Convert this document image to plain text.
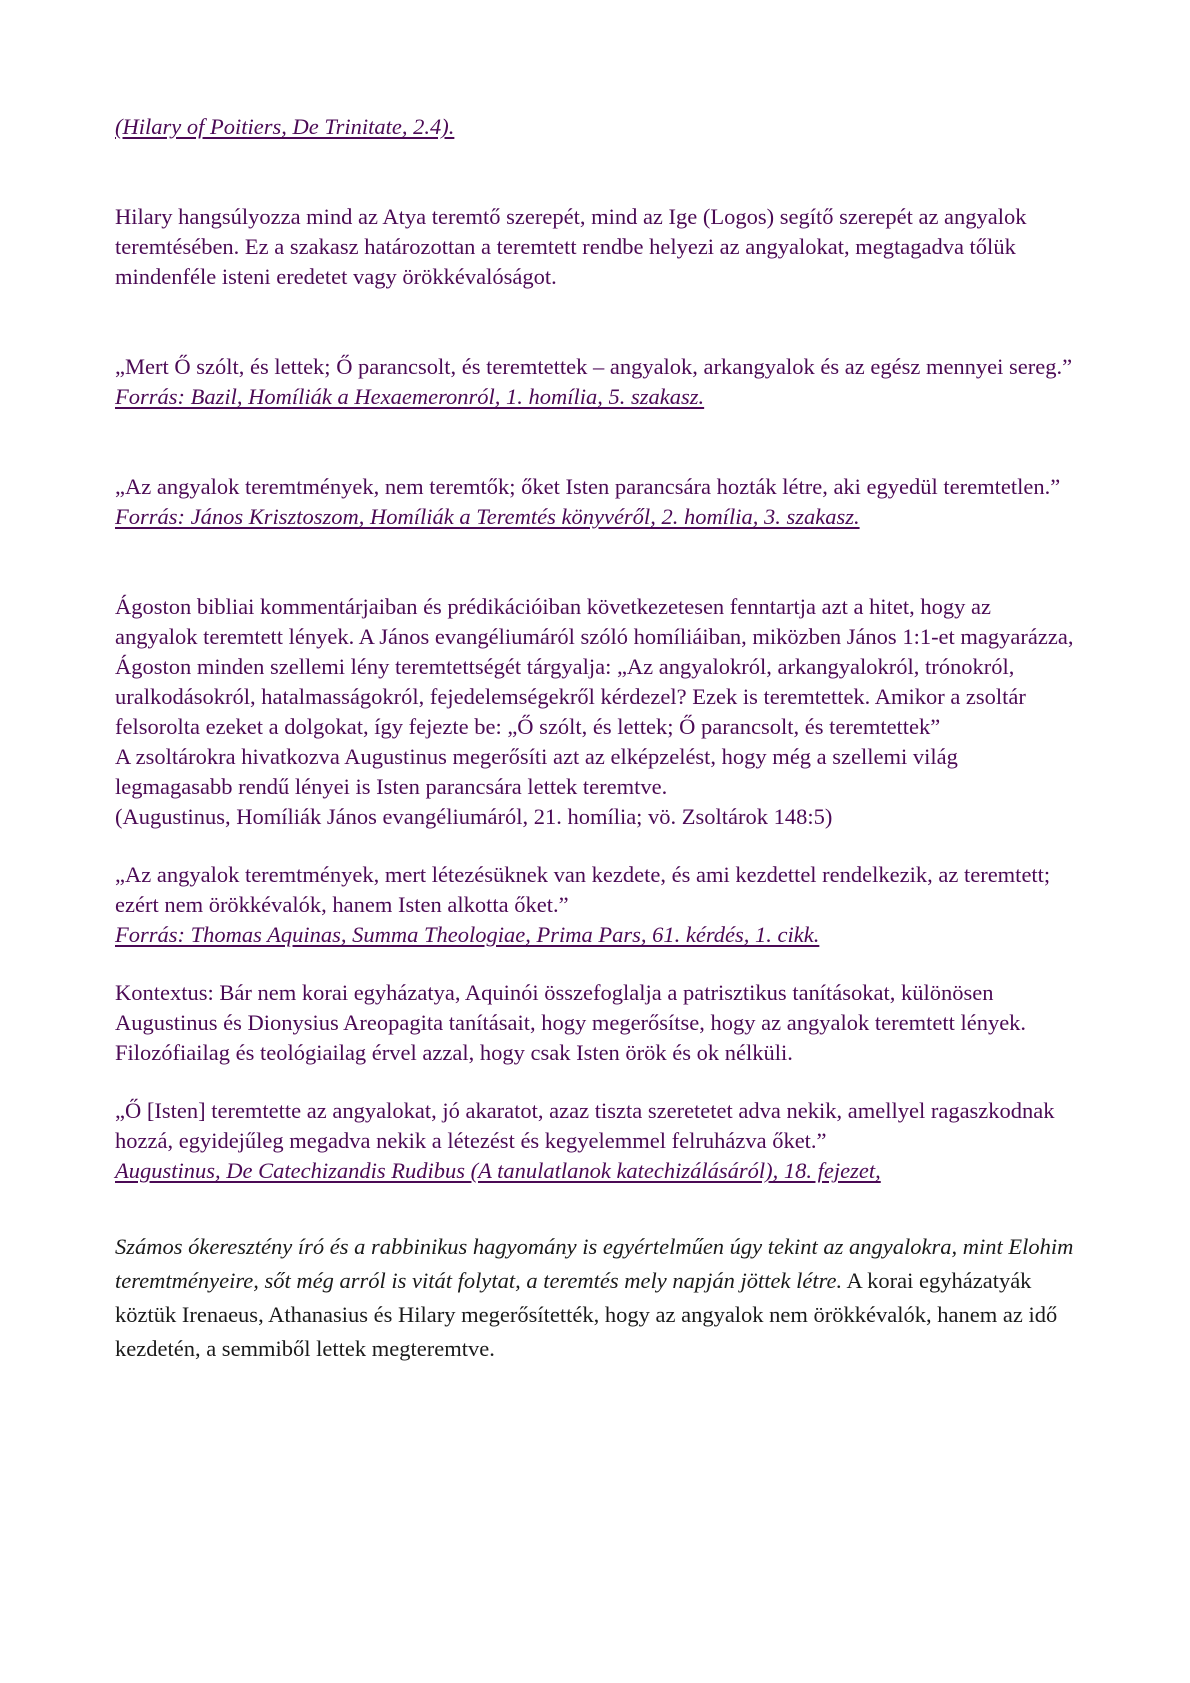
(Hilary of Poitiers, De Trinitate, 2.4).

Hilary hangsúlyozza mind az Atya teremtő szerepét, mind az Ige (Logos) segítő szerepét az angyalok teremtésében. Ez a szakasz határozottan a teremtett rendbe helyezi az angyalokat, megtagadva tőlük mindenféle isteni eredetet vagy örökkévalóságot.

„Mert Ő szólt, és lettek; Ő parancsolt, és teremtettek – angyalok, arkangyalok és az egész mennyei sereg.”

Forrás: Bazil, Homíliák a Hexaemeronról, 1. homília, 5. szakasz.

„Az angyalok teremtmények, nem teremtők; őket Isten parancsára hozták létre, aki egyedül teremtetlen.”

Forrás: János Krisztoszom, Homíliák a Teremtés könyvéről, 2. homília, 3. szakasz.

Ágoston bibliai kommentárjaiban és prédikációiban következetesen fenntartja azt a hitet, hogy az angyalok teremtett lények. A János evangéliumáról szóló homíliáiban, miközben János 1:1-et magyarázza, Ágoston minden szellemi lény teremtettségét tárgyalja: „Az angyalokról, arkangyalokról, trónokról, uralkodásokról, hatalmasságokról, fejedelemségekről kérdezel? Ezek is teremtettek. Amikor a zsoltár felsorolta ezeket a dolgokat, így fejezte be: „Ő szólt, és lettek; Ő parancsolt, és teremtettek”

A zsoltárokra hivatkozva Augustinus megerősíti azt az elképzelést, hogy még a szellemi világ legmagasabb rendű lényei is Isten parancsára lettek teremtve.

(Augustinus, Homíliák János evangéliumáról, 21. homília; vö. Zsoltárok 148:5)

„Az angyalok teremtmények, mert létezésüknek van kezdete, és ami kezdettel rendelkezik, az teremtett; ezért nem örökkévalók, hanem Isten alkotta őket.”

Forrás: Thomas Aquinas, Summa Theologiae, Prima Pars, 61. kérdés, 1. cikk.

Kontextus: Bár nem korai egyházatya, Aquinói összefoglalja a patrisztikus tanításokat, különösen Augustinus és Dionysius Areopagita tanításait, hogy megerősítse, hogy az angyalok teremtett lények. Filozófiailag és teológiailag érvel azzal, hogy csak Isten örök és ok nélküli.

„Ő [Isten] teremtette az angyalokat, jó akaratot, azaz tiszta szeretetet adva nekik, amellyel ragaszkodnak hozzá, egyidejűleg megadva nekik a létezést és kegyelemmel felruházva őket.”

Augustinus, De Catechizandis Rudibus (A tanulatlanok katechizálásáról), 18. fejezet,

Számos ókeresztény író és a rabbinikus hagyomány is egyértelműen úgy tekint az angyalokra, mint Elohim teremtményeire, sőt még arról is vitát folytat, a teremtés mely napján jöttek létre. A korai egyházatyák köztük Irenaeus, Athanasius és Hilary megerősítették, hogy az angyalok nem örökkévalók, hanem az idő kezdetén, a semmiből lettek megteremtve.
